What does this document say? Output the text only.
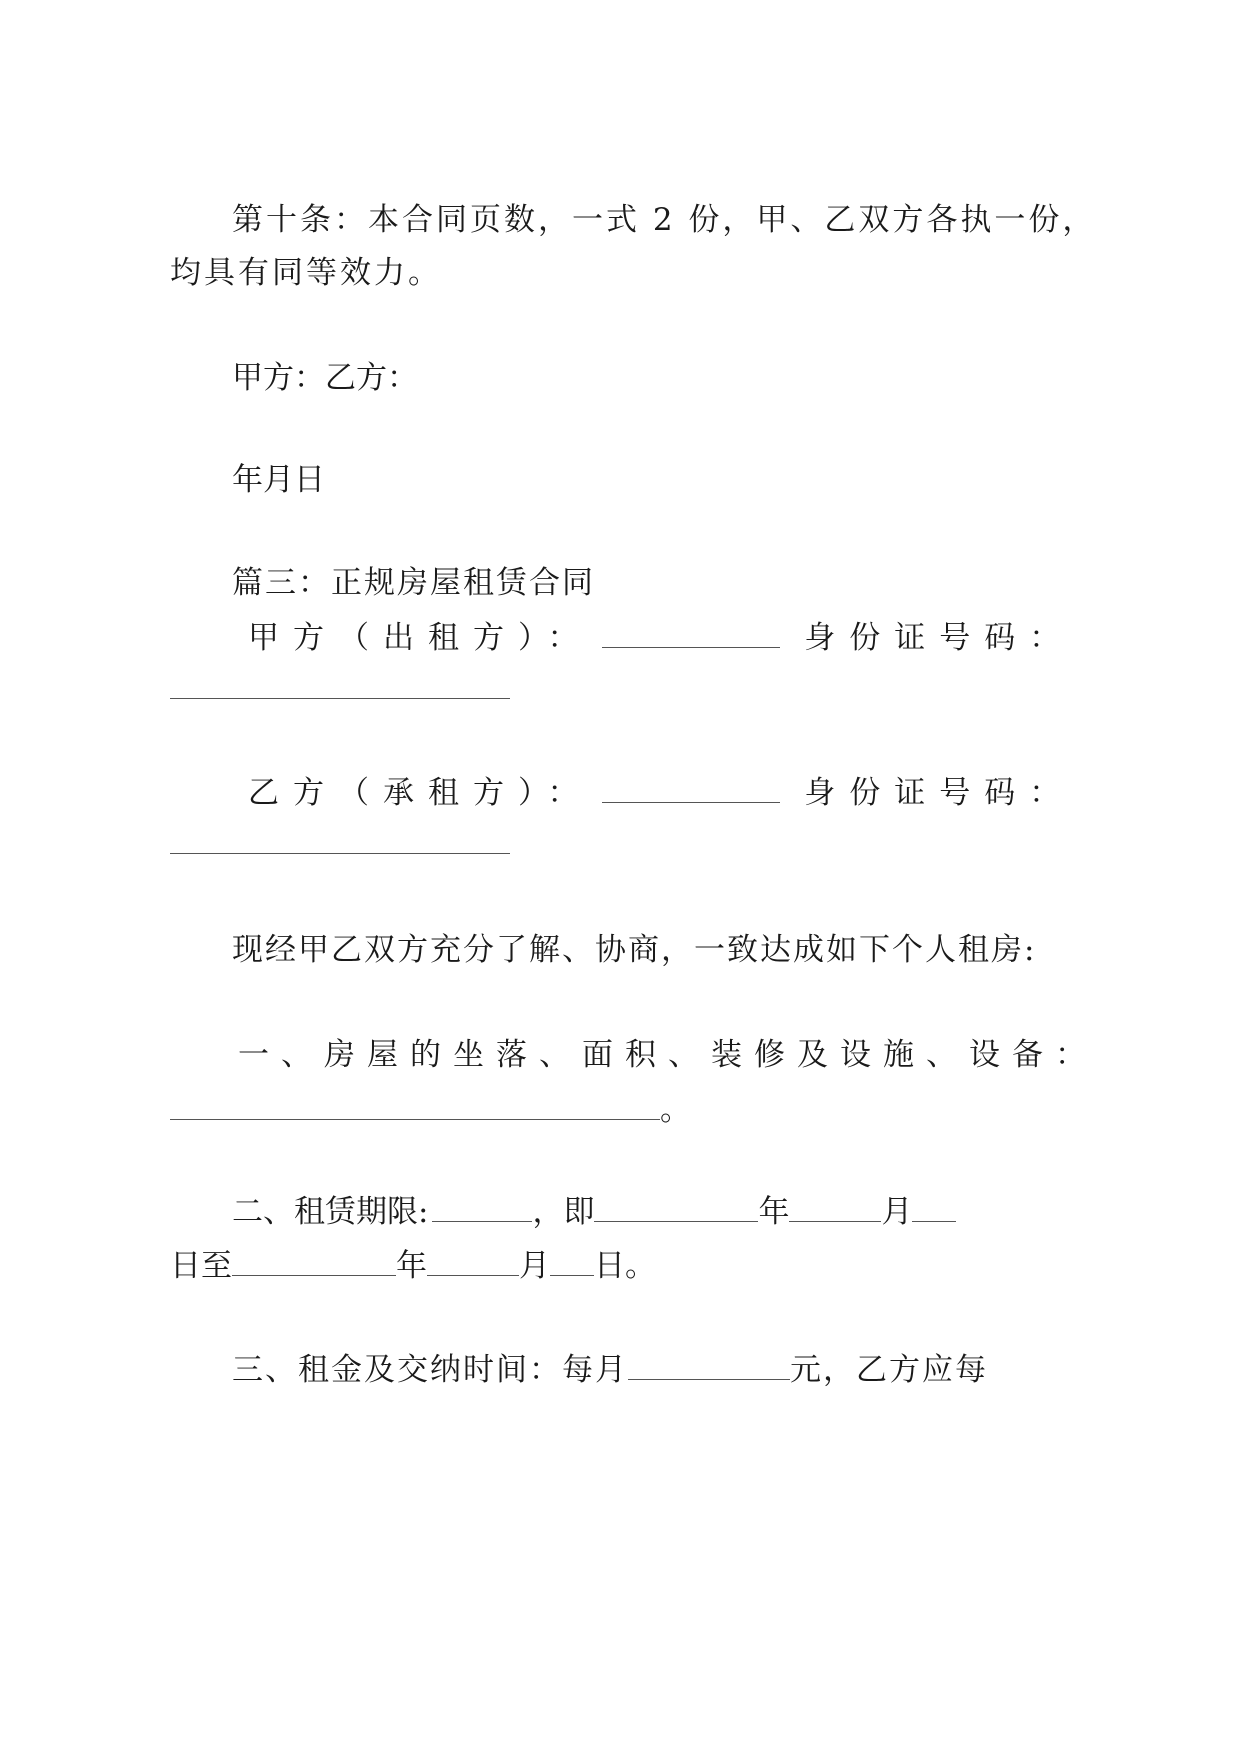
第十条：本合同页数，一式 2 份，甲、乙双方各执一份，
均具有同等效力。
甲方：乙方：
年月日
篇三：正规房屋租赁合同
甲方（出租方）：	身份证号码：
乙方（承租方）：	身份证号码：
现经甲乙双方充分了解、协商，一致达成如下个人租房:
一、房屋的坐落、面积、装修及设施、设备：
。
二、租赁期限:	，即	年	月
日至	年	月 日。
三、租金及交纳时间：每月	元，乙方应每
